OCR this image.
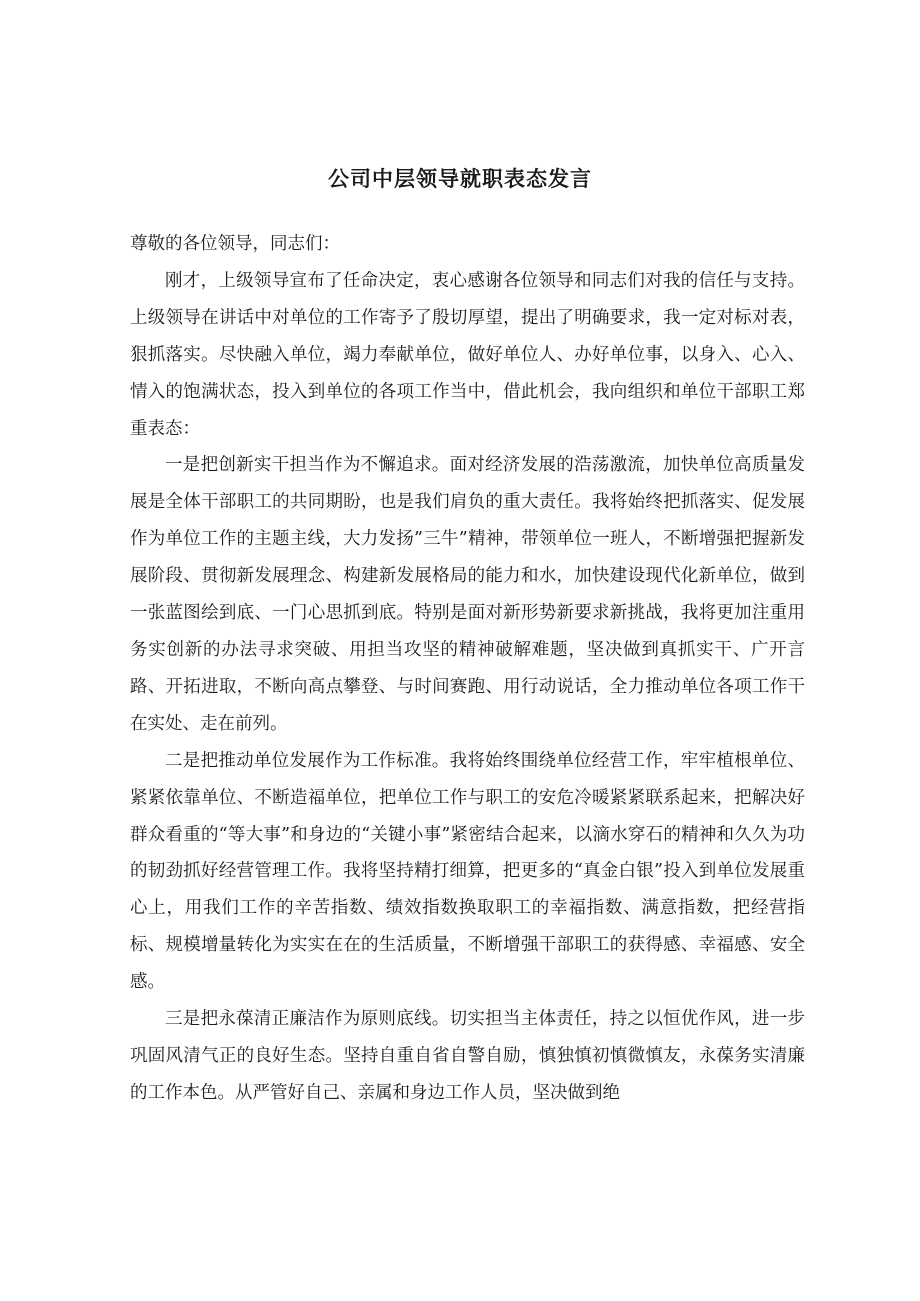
公司中层领导就职表态发言

尊敬的各位领导，同志们：

刚才，上级领导宣布了任命决定，衷心感谢各位领导和同志们对我的信任与支持。上级领导在讲话中对单位的工作寄予了殷切厚望，提出了明确要求，我一定对标对表，狠抓落实。尽快融入单位，竭力奉献单位，做好单位人、办好单位事，以身入、心入、情入的饱满状态，投入到单位的各项工作当中，借此机会，我向组织和单位干部职工郑重表态：

一是把创新实干担当作为不懈追求。面对经济发展的浩荡激流，加快单位高质量发展是全体干部职工的共同期盼，也是我们肩负的重大责任。我将始终把抓落实、促发展作为单位工作的主题主线，大力发扬”三牛”精神，带领单位一班人，不断增强把握新发展阶段、贯彻新发展理念、构建新发展格局的能力和水，加快建设现代化新单位，做到一张蓝图绘到底、一门心思抓到底。特别是面对新形势新要求新挑战，我将更加注重用务实创新的办法寻求突破、用担当攻坚的精神破解难题，坚决做到真抓实干、广开言路、开拓进取，不断向高点攀登、与时间赛跑、用行动说话，全力推动单位各项工作干在实处、走在前列。

二是把推动单位发展作为工作标准。我将始终围绕单位经营工作，牢牢植根单位、紧紧依靠单位、不断造福单位，把单位工作与职工的安危冷暖紧紧联系起来，把解决好群众看重的“等大事”和身边的“关键小事”紧密结合起来，以滴水穿石的精神和久久为功的韧劲抓好经营管理工作。我将坚持精打细算，把更多的“真金白银”投入到单位发展重心上，用我们工作的辛苦指数、绩效指数换取职工的幸福指数、满意指数，把经营指标、规模增量转化为实实在在的生活质量，不断增强干部职工的获得感、幸福感、安全感。

三是把永葆清正廉洁作为原则底线。切实担当主体责任，持之以恒优作风，进一步巩固风清气正的良好生态。坚持自重自省自警自励，慎独慎初慎微慎友，永葆务实清廉的工作本色。从严管好自己、亲属和身边工作人员，坚决做到绝
